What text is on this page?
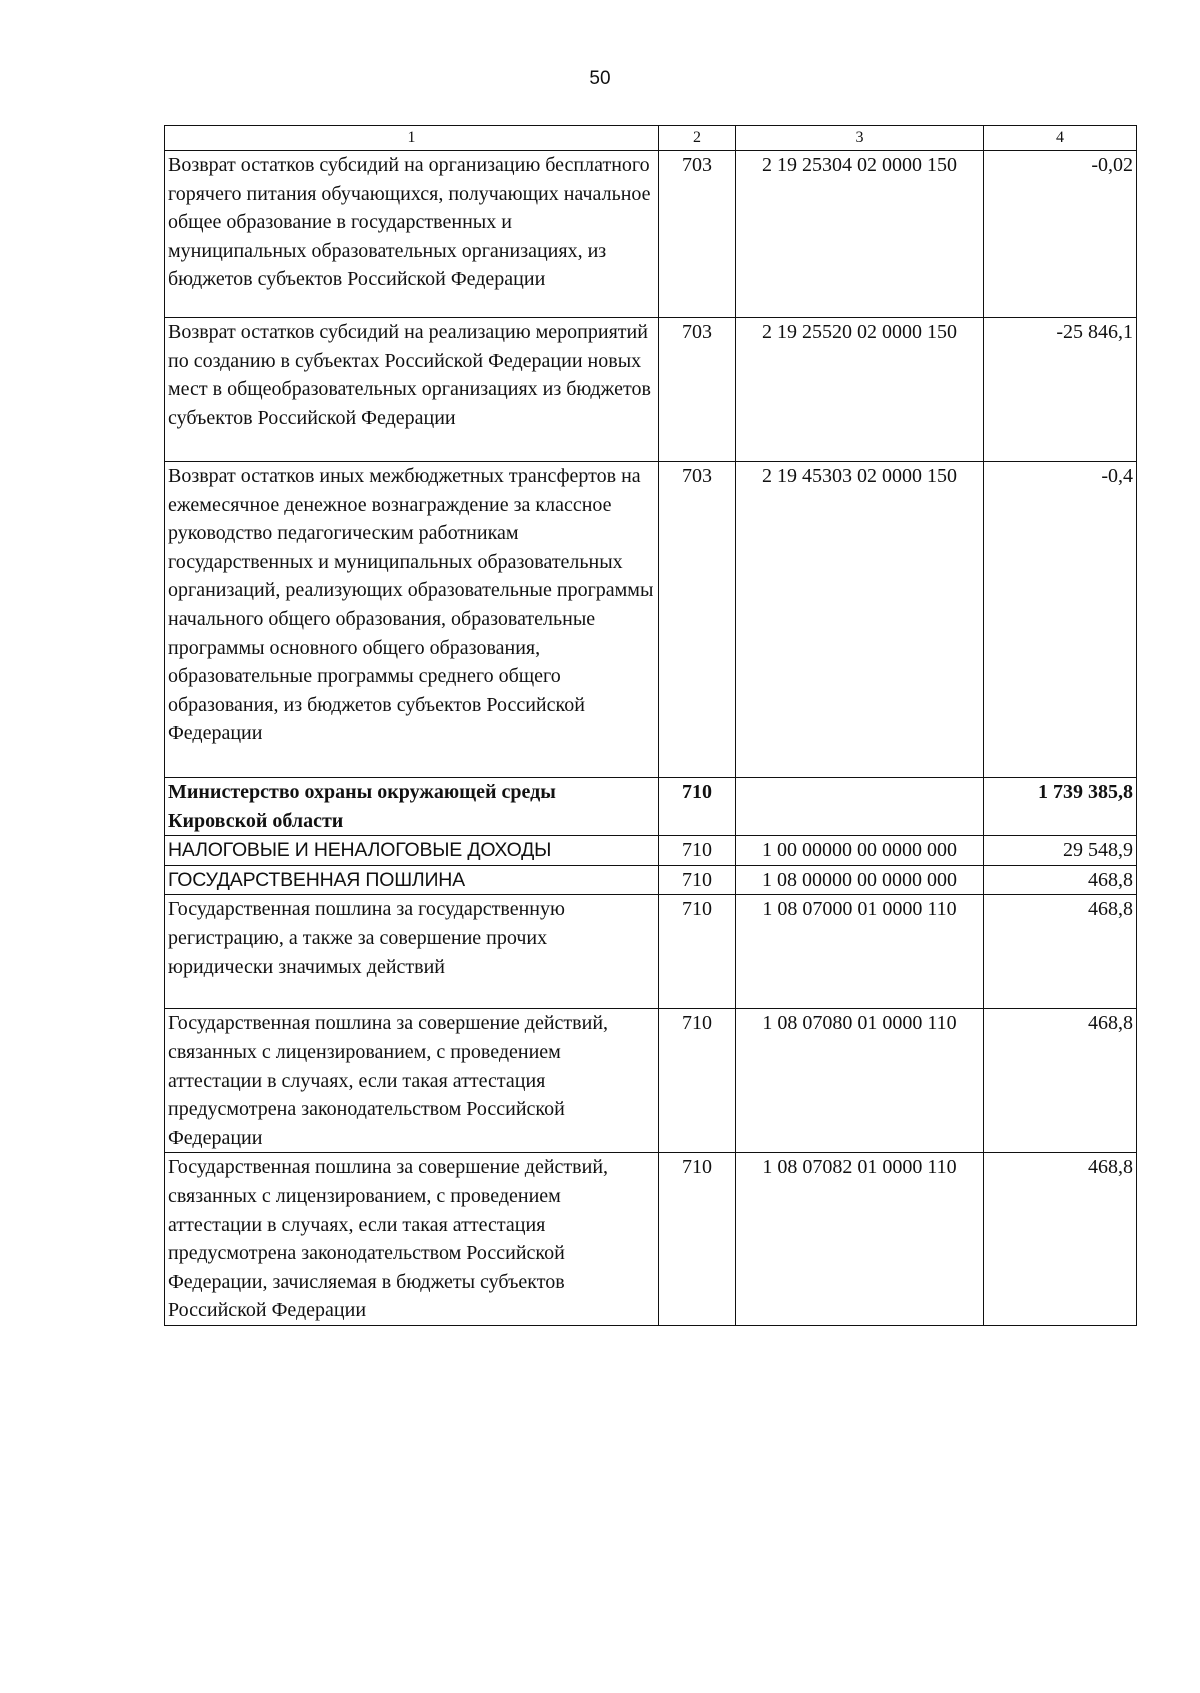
50
1	2	3	4
Возврат остатков субсидий на организацию бесплатного горячего питания обучающихся, получающих начальное общее образование в государственных и муниципальных образовательных организациях, из бюджетов субъектов Российской Федерации	703	2 19 25304 02 0000 150	-0,02
Возврат остатков субсидий на реализацию мероприятий по созданию в субъектах Российской Федерации новых мест в общеобразовательных организациях из бюджетов субъектов Российской Федерации	703	2 19 25520 02 0000 150	-25 846,1
Возврат остатков иных межбюджетных трансфертов на ежемесячное денежное вознаграждение за классное руководство педагогическим работникам государственных и муниципальных образовательных организаций, реализующих образовательные программы начального общего образования, образовательные программы основного общего образования, образовательные программы среднего общего образования, из бюджетов субъектов Российской Федерации	703	2 19 45303 02 0000 150	-0,4
Министерство охраны окружающей среды Кировской области	710		1 739 385,8
НАЛОГОВЫЕ И НЕНАЛОГОВЫЕ ДОХОДЫ	710	1 00 00000 00 0000 000	29 548,9
ГОСУДАРСТВЕННАЯ ПОШЛИНА	710	1 08 00000 00 0000 000	468,8
Государственная пошлина за государственную регистрацию, а также за совершение прочих юридически значимых действий	710	1 08 07000 01 0000 110	468,8
Государственная пошлина за совершение действий, связанных с лицензированием, с проведением аттестации в случаях, если такая аттестация предусмотрена законодательством Российской Федерации	710	1 08 07080 01 0000 110	468,8
Государственная пошлина за совершение действий, связанных с лицензированием, с проведением аттестации в случаях, если такая аттестация предусмотрена законодательством Российской Федерации, зачисляемая в бюджеты субъектов Российской Федерации	710	1 08 07082 01 0000 110	468,8
